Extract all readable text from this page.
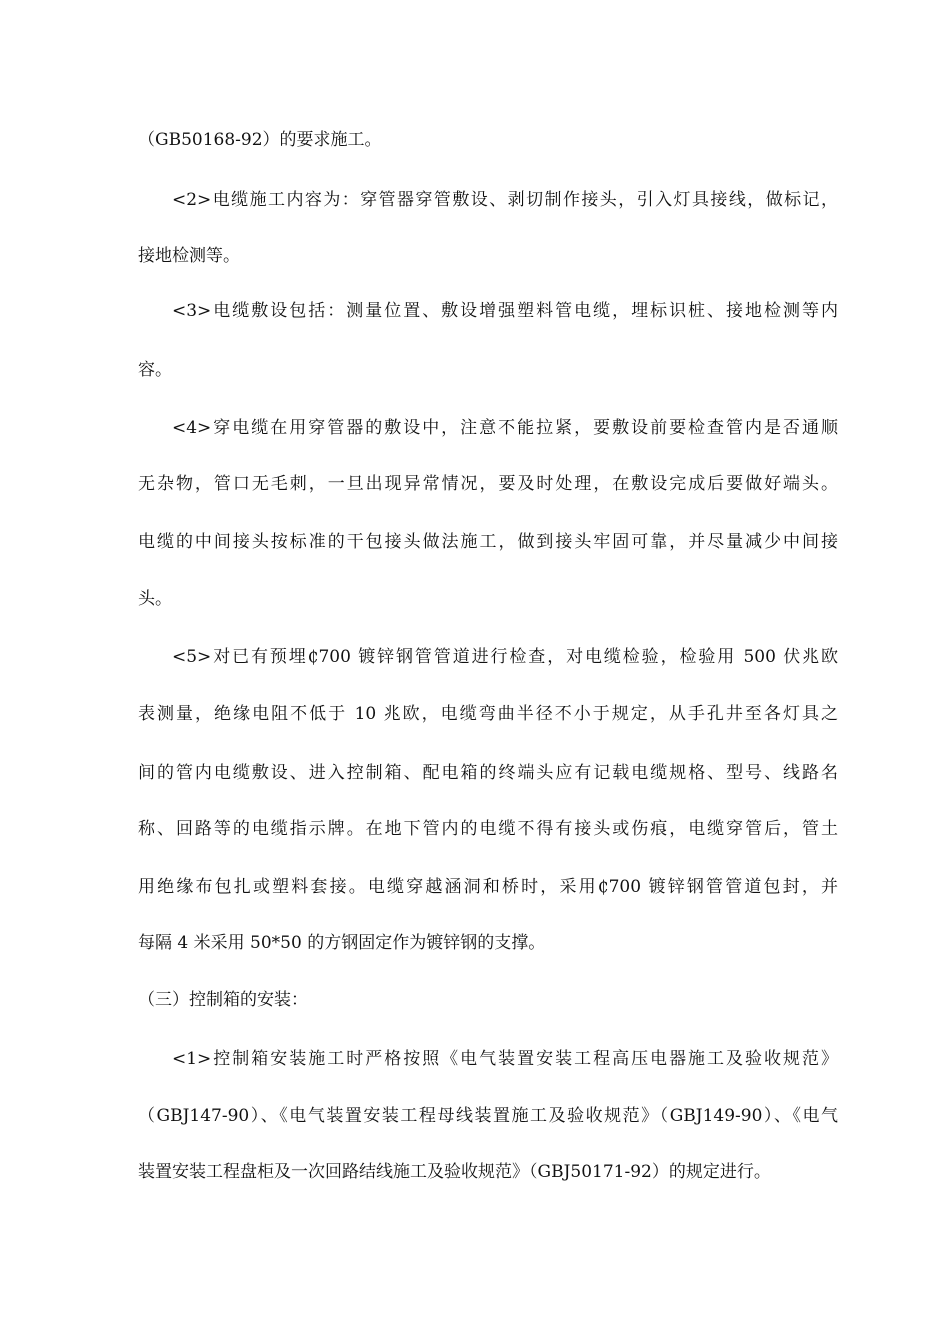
（GB50168-92）的要求施工。
<2>电缆施工内容为：穿管器穿管敷设、剥切制作接头，引入灯具接线，做标记，
接地检测等。
<3>电缆敷设包括：测量位置、敷设增强塑料管电缆，埋标识桩、接地检测等内
容。
<4>穿电缆在用穿管器的敷设中，注意不能拉紧，要敷设前要检查管内是否通顺
无杂物，管口无毛刺，一旦出现异常情况，要及时处理，在敷设完成后要做好端头。
电缆的中间接头按标准的干包接头做法施工，做到接头牢固可靠，并尽量减少中间接
头。
<5>对已有预埋₵700 镀锌钢管管道进行检查，对电缆检验，检验用 500 伏兆欧
表测量，绝缘电阻不低于 10 兆欧，电缆弯曲半径不小于规定，从手孔井至各灯具之
间的管内电缆敷设、进入控制箱、配电箱的终端头应有记载电缆规格、型号、线路名
称、回路等的电缆指示牌。在地下管内的电缆不得有接头或伤痕，电缆穿管后，管土
用绝缘布包扎或塑料套接。电缆穿越涵洞和桥时，采用₵700 镀锌钢管管道包封，并
每隔 4 米采用 50*50 的方钢固定作为镀锌钢的支撑。
（三）控制箱的安装：
<1>控制箱安装施工时严格按照《电气装置安装工程高压电器施工及验收规范》
（GBJ147-90）、《电气装置安装工程母线装置施工及验收规范》（GBJ149-90）、《电气
装置安装工程盘柜及一次回路结线施工及验收规范》（GBJ50171-92）的规定进行。
